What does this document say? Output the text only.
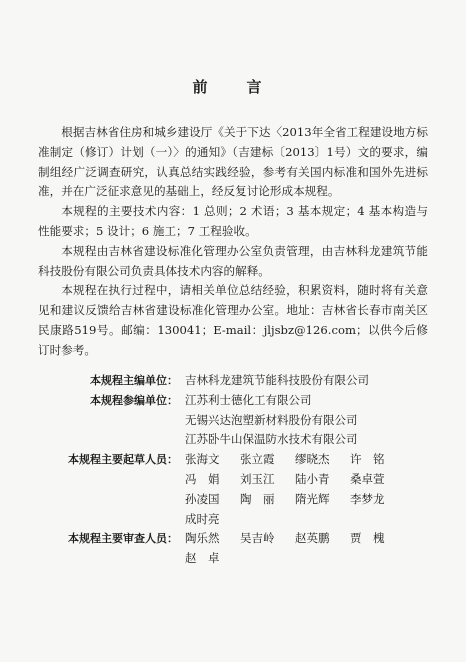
前　言

根据吉林省住房和城乡建设厅《关于下达〈2013年全省工程建设地方标准制定（修订）计划（一）〉的通知》（吉建标〔2013〕1号）文的要求，编制组经广泛调查研究，认真总结实践经验，参考有关国内标准和国外先进标准，并在广泛征求意见的基础上，经反复讨论形成本规程。

本规程的主要技术内容：1 总则；2 术语；3 基本规定；4 基本构造与性能要求；5 设计；6 施工；7 工程验收。

本规程由吉林省建设标准化管理办公室负责管理，由吉林科龙建筑节能科技股份有限公司负责具体技术内容的解释。

本规程在执行过程中，请相关单位总结经验，积累资料，随时将有关意见和建议反馈给吉林省建设标准化管理办公室。地址：吉林省长春市南关区民康路519号。邮编：130041；E-mail：jljsbz@126.com；以供今后修订时参考。

本规程主编单位： 吉林科龙建筑节能科技股份有限公司
本规程参编单位： 江苏利士德化工有限公司
无锡兴达泡塑新材料股份有限公司
江苏卧牛山保温防水技术有限公司
本规程主要起草人员： 张海文	张立霞	缪晓杰	许　铭
冯　娟	刘玉江	陆小青	桑卓萱
孙凌国	陶　丽	隋光辉	李梦龙
成时亮
本规程主要审查人员： 陶乐然	吴吉岭	赵英鹏	贾　槐
赵　卓
